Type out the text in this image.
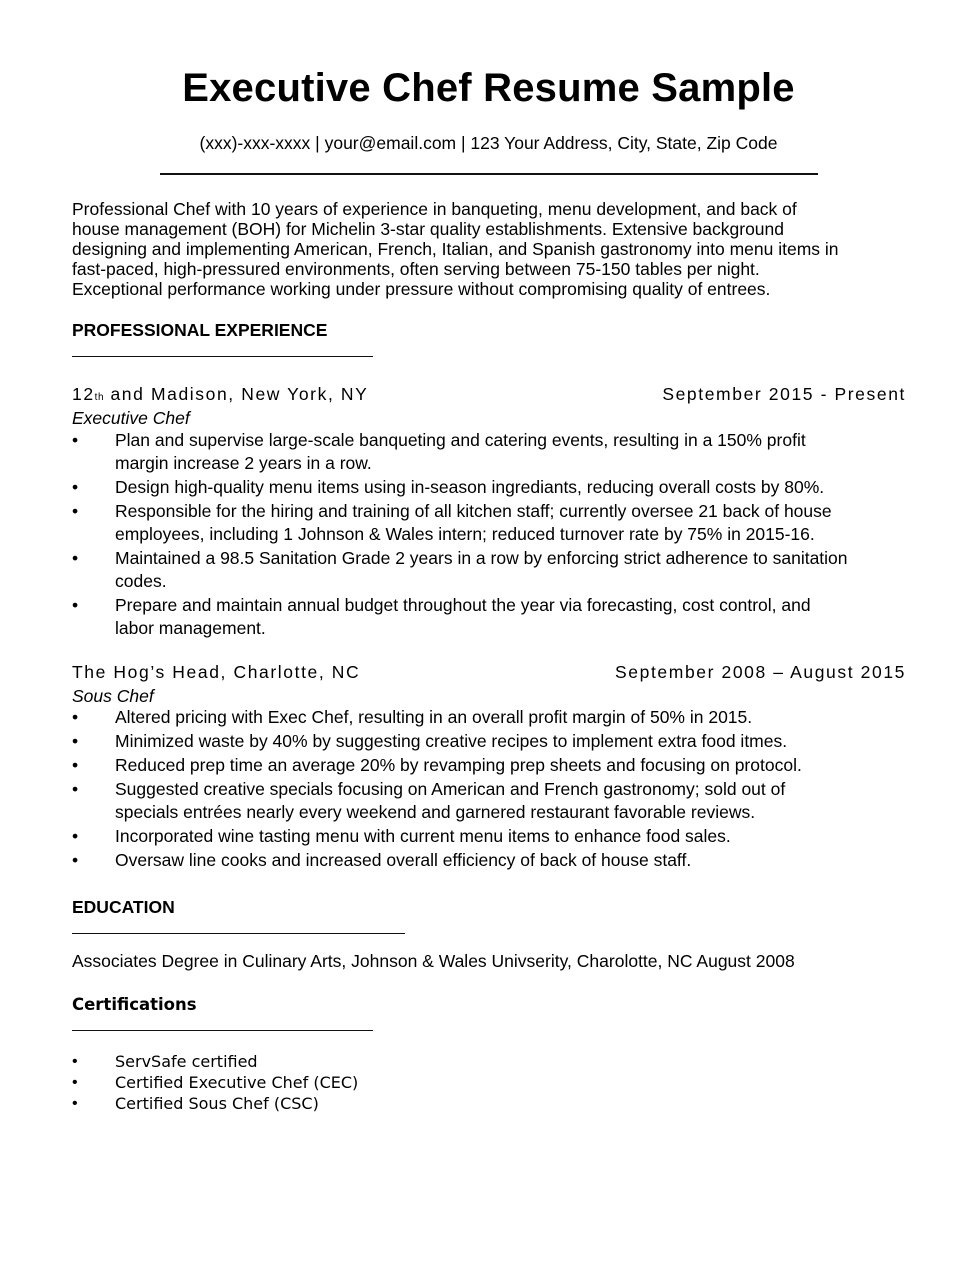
Executive Chef Resume Sample
(xxx)-xxx-xxxx | your@email.com | 123 Your Address, City, State, Zip Code
Professional Chef with 10 years of experience in banqueting, menu development, and back of
house management (BOH) for Michelin 3-star quality establishments. Extensive background
designing and implementing American, French, Italian, and Spanish gastronomy into menu items in
fast-paced, high-pressured environments, often serving between 75-150 tables per night.
Exceptional performance working under pressure without compromising quality of entrees.
PROFESSIONAL EXPERIENCE
12th and Madison, New York, NY	September 2015 - Present
Executive Chef
• Plan and supervise large-scale banqueting and catering events, resulting in a 150% profit
margin increase 2 years in a row.
• Design high-quality menu items using in-season ingrediants, reducing overall costs by 80%.
• Responsible for the hiring and training of all kitchen staff; currently oversee 21 back of house
employees, including 1 Johnson & Wales intern; reduced turnover rate by 75% in 2015-16.
• Maintained a 98.5 Sanitation Grade 2 years in a row by enforcing strict adherence to sanitation
codes.
• Prepare and maintain annual budget throughout the year via forecasting, cost control, and
labor management.
The Hog’s Head, Charlotte, NC	September 2008 – August 2015
Sous Chef
• Altered pricing with Exec Chef, resulting in an overall profit margin of 50% in 2015.
• Minimized waste by 40% by suggesting creative recipes to implement extra food itmes.
• Reduced prep time an average 20% by revamping prep sheets and focusing on protocol.
• Suggested creative specials focusing on American and French gastronomy; sold out of
specials entrées nearly every weekend and garnered restaurant favorable reviews.
• Incorporated wine tasting menu with current menu items to enhance food sales.
• Oversaw line cooks and increased overall efficiency of back of house staff.
EDUCATION
Associates Degree in Culinary Arts, Johnson & Wales Univserity, Charolotte, NC August 2008
Certifications
• ServSafe certified
• Certified Executive Chef (CEC)
• Certified Sous Chef (CSC)
